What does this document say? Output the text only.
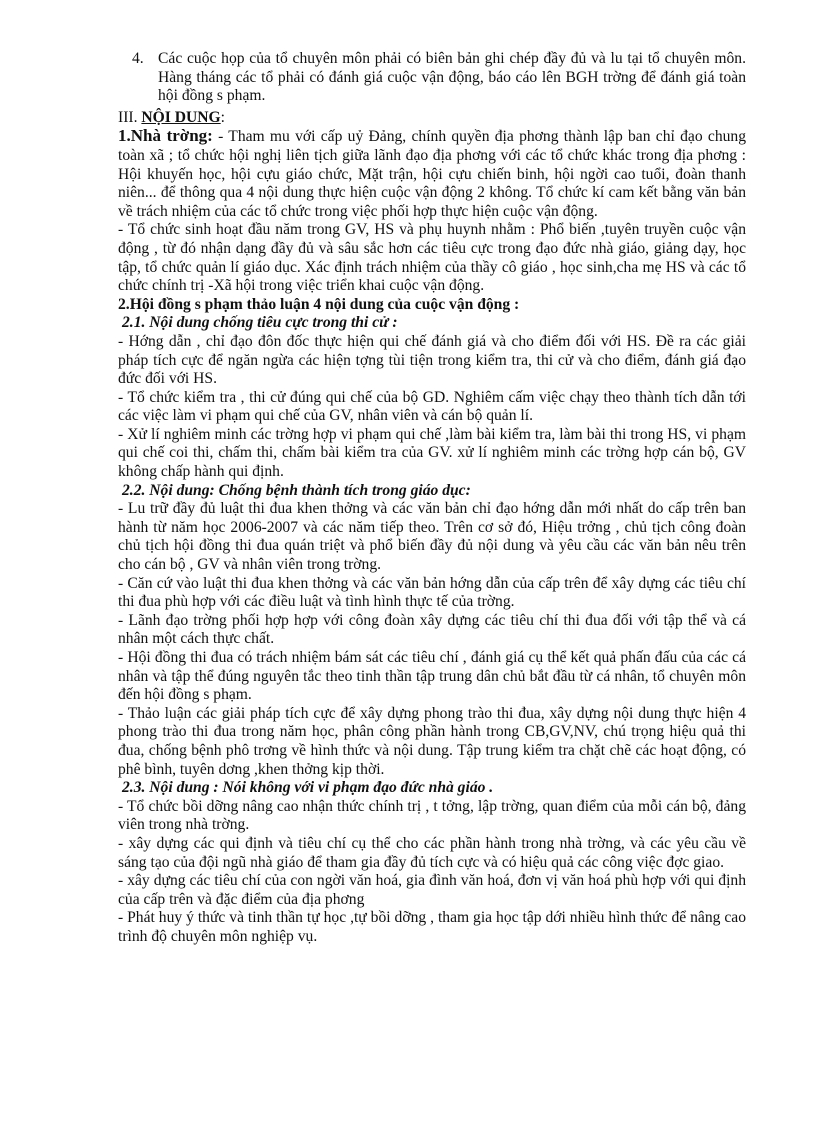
4. Các cuộc họp của tổ chuyên môn phải có biên bản ghi chép đầy đủ và lu tại tổ chuyên môn. Hàng tháng các tổ phải có đánh giá cuộc vận động, báo cáo lên BGH trờng để đánh giá toàn hội đồng s phạm.
III. NỘI DUNG:
1.Nhà trờng: - Tham mu với cấp uỷ Đảng, chính quyền địa phơng thành lập ban chỉ đạo chung toàn xã ; tổ chức hội nghị liên tịch giữa lãnh đạo địa phơng với các tổ chức khác trong địa phơng : Hội khuyến học, hội cựu giáo chức, Mặt trận, hội cựu chiến binh, hội ngời cao tuổi, đoàn thanh niên... để thông qua 4 nội dung thực hiện cuộc vận động 2 không. Tổ chức kí cam kết bằng văn bản về trách nhiệm của các tổ chức trong việc phối hợp thực hiện cuộc vận động.
- Tổ chức sinh hoạt đầu năm trong GV, HS và phụ huynh nhằm : Phổ biến ,tuyên truyền cuộc vận động , từ đó nhận dạng đầy đủ và sâu sắc hơn các tiêu cực trong đạo đức nhà giáo, giảng dạy, học tập, tổ chức quản lí giáo dục. Xác định trách nhiệm của thầy cô giáo , học sinh,cha mẹ HS và các tổ chức chính trị -Xã hội trong việc triển khai cuộc vận động.
2.Hội đồng s phạm thảo luận 4 nội dung của cuộc vận động :
2.1. Nội dung chống tiêu cực trong thi cử :
- Hớng dẫn , chỉ đạo đôn đốc thực hiện qui chế đánh giá và cho điểm đối với HS. Đề ra các giải pháp tích cực để ngăn ngừa các hiện tợng tùi tiện trong kiểm tra, thi cử và cho điểm, đánh giá đạo đức đối với HS.
- Tổ chức kiểm tra , thi cử đúng qui chế của bộ GD. Nghiêm cấm việc chạy theo thành tích dẫn tới các việc làm vi phạm qui chế của GV, nhân viên và cán bộ quản lí.
- Xử lí nghiêm minh các trờng hợp vi phạm qui chế ,làm bài kiểm tra, làm bài thi trong HS, vi phạm qui chế coi thi, chấm thi, chấm bài kiểm tra của GV. xử lí nghiêm minh các trờng hợp cán bộ, GV không chấp hành qui định.
2.2. Nội dung: Chống bệnh thành tích trong giáo dục:
- Lu trữ đầy đủ luật thi đua khen thởng và các văn bản chỉ đạo hớng dẫn mới nhất do cấp trên ban hành từ năm học 2006-2007 và các năm tiếp theo. Trên cơ sở đó, Hiệu trởng , chủ tịch công đoàn chủ tịch hội đồng thi đua quán triệt và phổ biến đầy đủ nội dung và yêu cầu các văn bản nêu trên cho cán bộ , GV và nhân viên trong trờng.
- Căn cứ vào luật thi đua khen thởng và các văn bản hớng dẫn của cấp trên để xây dựng các tiêu chí thi đua phù hợp với các điều luật và tình hình thực tế của trờng.
- Lãnh đạo trờng phối hợp hợp với công đoàn xây dựng các tiêu chí thi đua đối với tập thể và cá nhân một cách thực chất.
- Hội đồng thi đua có trách nhiệm bám sát các tiêu chí , đánh giá cụ thể kết quả phấn đấu của các cá nhân và tập thể đúng nguyên tắc theo tinh thần tập trung dân chủ bắt đầu từ cá nhân, tổ chuyên môn đến hội đồng s phạm.
- Thảo luận các giải pháp tích cực để xây dựng phong trào thi đua, xây dựng nội dung thực hiện 4 phong trào thi đua trong năm học, phân công phần hành trong CB,GV,NV, chú trọng hiệu quả thi đua, chống bệnh phô trơng về hình thức và nội dung. Tập trung kiểm tra chặt chẽ các hoạt động, có phê bình, tuyên dơng ,khen thởng kịp thời.
2.3. Nội dung : Nói không với vi phạm đạo đức nhà giáo .
- Tổ chức bồi dỡng nâng cao nhận thức chính trị , t tởng, lập trờng, quan điểm của mỗi cán bộ, đảng viên trong nhà trờng.
- xây dựng các qui định và tiêu chí cụ thể cho các phần hành trong nhà trờng, và các yêu cầu về sáng tạo của đội ngũ nhà giáo để tham gia đầy đủ tích cực và có hiệu quả các công việc đợc giao.
- xây dựng các tiêu chí của con ngời văn hoá, gia đình văn hoá, đơn vị văn hoá phù hợp với qui định của cấp trên và đặc điểm của địa phơng
- Phát huy ý thức và tinh thần tự học ,tự bồi dỡng , tham gia học tập dới nhiều hình thức để nâng cao trình độ chuyên môn nghiệp vụ.
